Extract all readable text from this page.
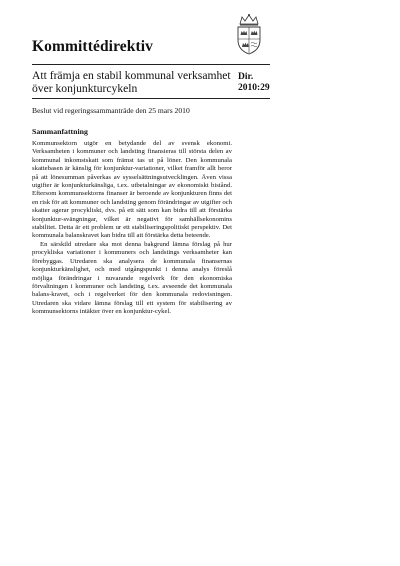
Kommittédirektiv
Att främja en stabil kommunal verksamhet över konjunkturcykeln
Dir.
2010:29

Beslut vid regeringssammanträde den 25 mars 2010

Sammanfattning

Kommunsektorn utgör en betydande del av svensk ekonomi. Verksamheten i kommuner och landsting finansieras till största delen av kommunal inkomstskatt som främst tas ut på löner. Den kommunala skattebasen är känslig för konjunktur-variationer, vilket framför allt beror på att lönesumman påverkas av sysselsättningsutvecklingen. Även vissa utgifter är konjunkturkänsliga, t.ex. utbetalningar av ekonomiskt bistånd. Eftersom kommunsektorns finanser är beroende av konjunkturen finns det en risk för att kommuner och landsting genom förändringar av utgifter och skatter agerar procykliskt, dvs. på ett sätt som kan bidra till att förstärka konjunktur-svängningar, vilket är negativt för samhällsekonomins stabilitet. Detta är ett problem ur ett stabiliseringspolitiskt perspektiv. Det kommunala balanskravet kan bidra till att förstärka detta beteende.

En särskild utredare ska mot denna bakgrund lämna förslag på hur procykliska variationer i kommuners och landstings verksamheter kan förebyggas. Utredaren ska analysera de kommunala finansernas konjunkturkänslighet, och med utgångspunkt i denna analys föreslå möjliga förändringar i nuvarande regelverk för den ekonomiska förvaltningen i kommuner och landsting, t.ex. avseende det kommunala balans-kravet, och i regelverket för den kommunala redovisningen. Utredaren ska vidare lämna förslag till ett system för stabilisering av kommunsektorns intäkter över en konjunktur-cykel.
